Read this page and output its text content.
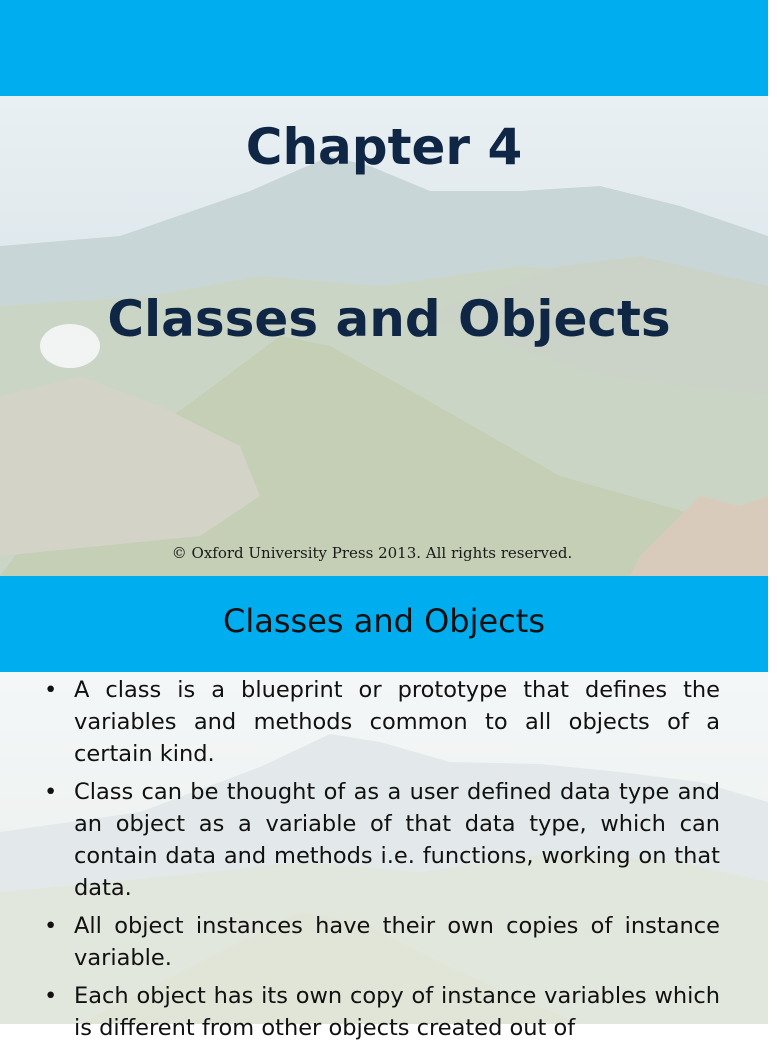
Chapter 4
Classes and Objects
© Oxford University Press 2013. All rights reserved.
Classes and Objects
• A class is a blueprint or prototype that defines the variables and methods common to all objects of a certain kind.
• Class can be thought of as a user defined data type and an object as a variable of that data type, which can contain data and methods i.e. functions, working on that data.
• All object instances have their own copies of instance variable.
• Each object has its own copy of instance variables which is different from other objects created out of
